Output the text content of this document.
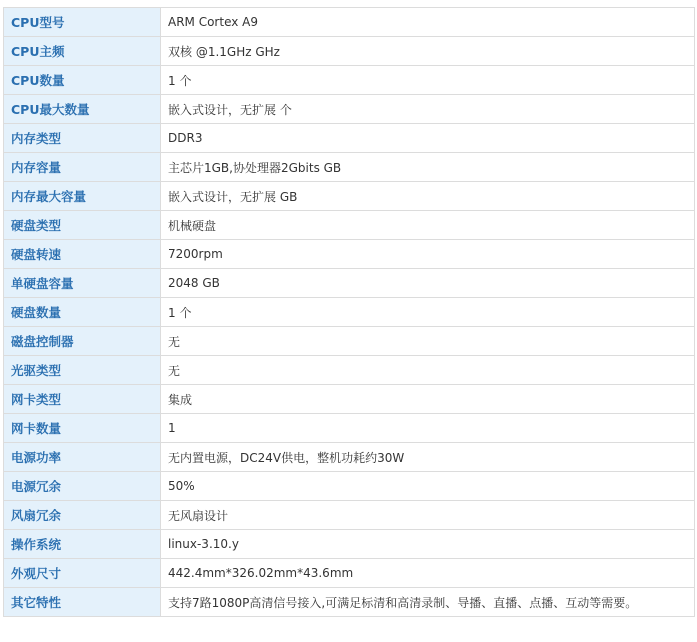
CPU型号	ARM Cortex A9
CPU主频	双核 @1.1GHz GHz
CPU数量	1 个
CPU最大数量	嵌入式设计，无扩展 个
内存类型	DDR3
内存容量	主芯片1GB,协处理器2Gbits GB
内存最大容量	嵌入式设计，无扩展 GB
硬盘类型	机械硬盘
硬盘转速	7200rpm
单硬盘容量	2048 GB
硬盘数量	1 个
磁盘控制器	无
光驱类型	无
网卡类型	集成
网卡数量	1
电源功率	无内置电源，DC24V供电，整机功耗约30W
电源冗余	50%
风扇冗余	无风扇设计
操作系统	linux-3.10.y
外观尺寸	442.4mm*326.02mm*43.6mm
其它特性	支持7路1080P高清信号接入,可满足标清和高清录制、导播、直播、点播、互动等需要。
